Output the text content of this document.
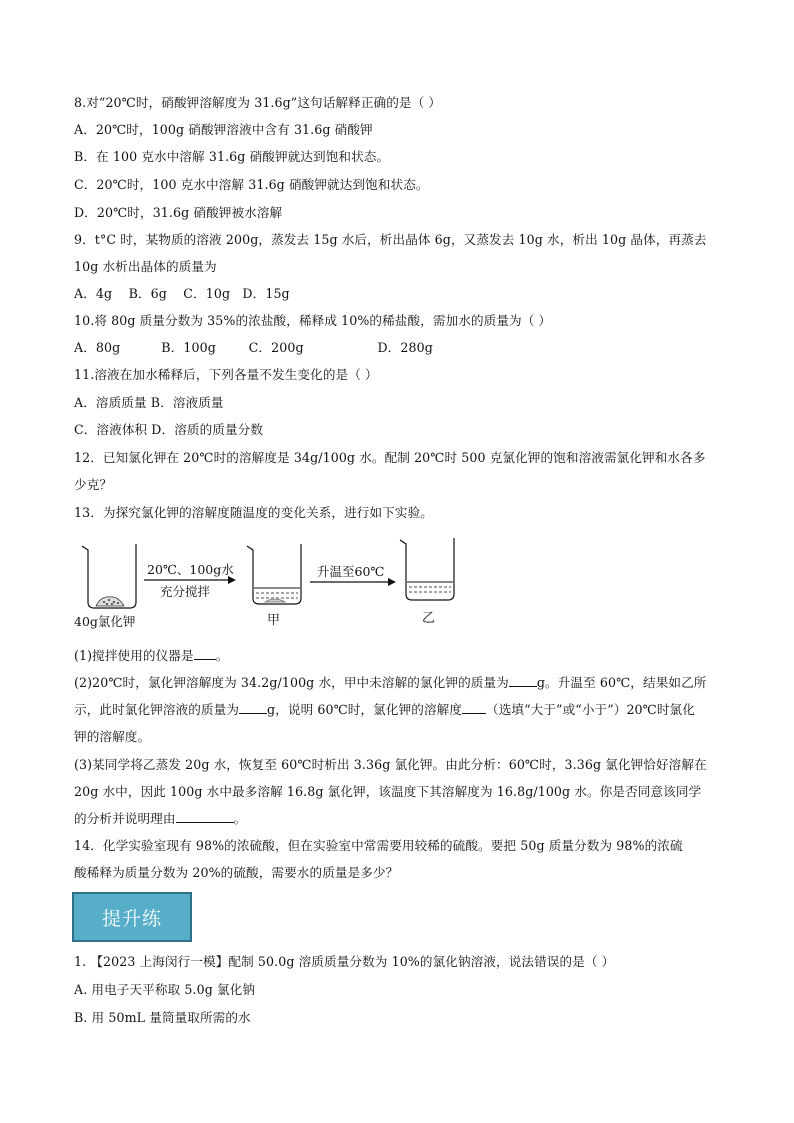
8.对“20℃时，硝酸钾溶解度为 31.6g”这句话解释正确的是（ ）
A．20℃时，100g 硝酸钾溶液中含有 31.6g 硝酸钾
B．在 100 克水中溶解 31.6g 硝酸钾就达到饱和状态。
C．20℃时，100 克水中溶解 31.6g 硝酸钾就达到饱和状态。
D．20℃时，31.6g 硝酸钾被水溶解
9．t°C 时，某物质的溶液 200g，蒸发去 15g 水后，析出晶体 6g，又蒸发去 10g 水，析出 10g 晶体，再蒸去
10g 水析出晶体的质量为
A．4g    B．6g    C．10g   D．15g
10.将 80g 质量分数为 35%的浓盐酸，稀释成 10%的稀盐酸，需加水的质量为（ ）
A．80g          B．100g        C．200g                  D．280g
11.溶液在加水稀释后，下列各量不发生变化的是（ ）
A．溶质质量 B．溶液质量
C．溶液体积 D．溶质的质量分数
12．已知氯化钾在 20℃时的溶解度是 34g/100g 水。配制 20℃时 500 克氯化钾的饱和溶液需氯化钾和水各多
少克？
13．为探究氯化钾的溶解度随温度的变化关系，进行如下实验。
40g氯化钾
20℃、100g水
充分搅拌
甲
升温至60℃
乙
(1)搅拌使用的仪器是 。
(2)20℃时，氯化钾溶解度为 34.2g/100g 水，甲中未溶解的氯化钾的质量为 g。升温至 60℃，结果如乙所
示，此时氯化钾溶液的质量为 g，说明 60℃时，氯化钾的溶解度 （选填“大于”或“小于”）20℃时氯化
钾的溶解度。
(3)某同学将乙蒸发 20g 水，恢复至 60℃时析出 3.36g 氯化钾。由此分析：60℃时，3.36g 氯化钾恰好溶解在
20g 水中，因此 100g 水中最多溶解 16.8g 氯化钾，该温度下其溶解度为 16.8g/100g 水。你是否同意该同学
的分析并说明理由	。
14．化学实验室现有 98%的浓硫酸，但在实验室中常需要用较稀的硫酸。要把 50g 质量分数为 98%的浓硫
酸稀释为质量分数为 20%的硫酸，需要水的质量是多少？
提升练
1. 【2023 上海闵行一模】配制 50.0g 溶质质量分数为 10%的氯化钠溶液，说法错误的是（ ）
A. 用电子天平称取 5.0g 氯化钠
B. 用 50mL 量筒量取所需的水
